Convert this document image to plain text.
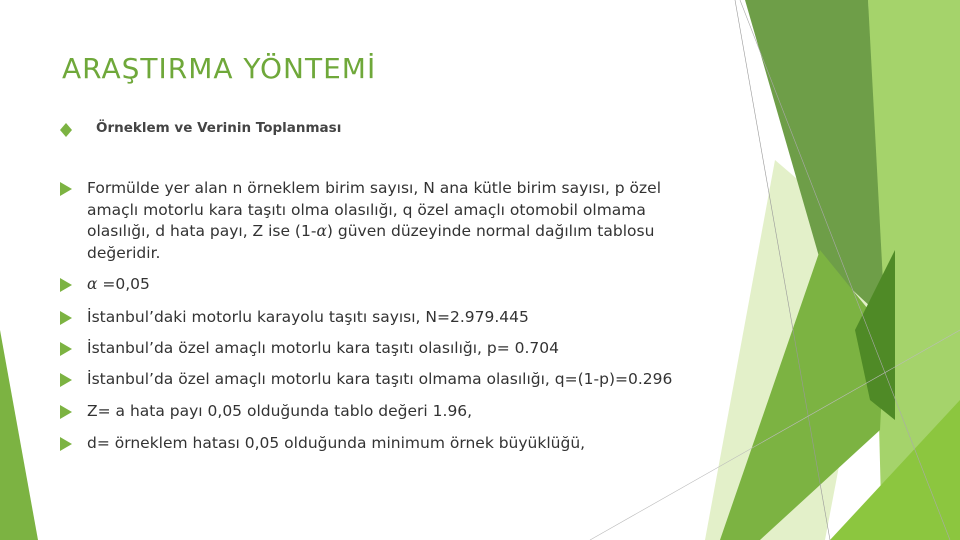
ARAŞTIRMA YÖNTEMİ
Örneklem ve Verinin Toplanması
Formülde yer alan n örneklem birim sayısı, N ana kütle birim sayısı, p özel amaçlı motorlu kara taşıtı olma olasılığı, q özel amaçlı otomobil olmama olasılığı, d hata payı, Z ise (1-α) güven düzeyinde normal dağılım tablosu değeridir.
α =0,05
İstanbul’daki motorlu karayolu taşıtı sayısı, N=2.979.445
İstanbul’da özel amaçlı motorlu kara taşıtı olasılığı, p= 0.704
İstanbul’da özel amaçlı motorlu kara taşıtı olmama olasılığı, q=(1-p)=0.296
Z= a hata payı 0,05 olduğunda tablo değeri 1.96,
d= örneklem hatası 0,05 olduğunda minimum örnek büyüklüğü,
